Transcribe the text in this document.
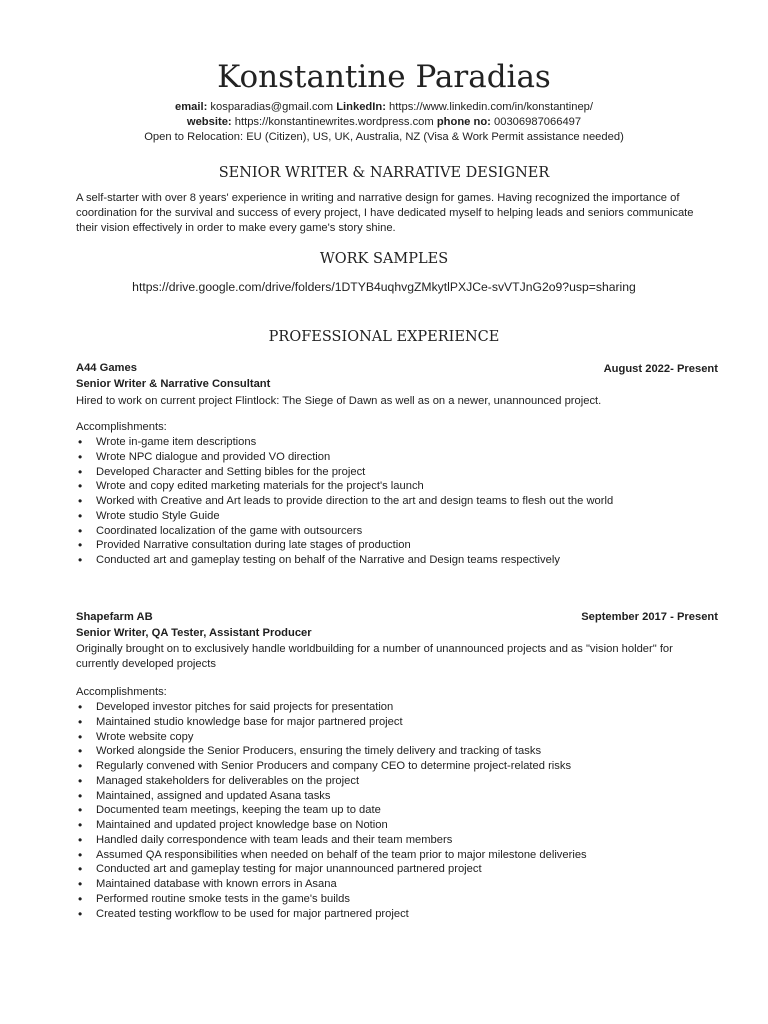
Konstantine Paradias
email: kosparadias@gmail.com LinkedIn: https://www.linkedin.com/in/konstantinep/
website: https://konstantinewrites.wordpress.com phone no: 00306987066497
Open to Relocation: EU (Citizen), US, UK, Australia, NZ (Visa & Work Permit assistance needed)
SENIOR WRITER & NARRATIVE DESIGNER
A self-starter with over 8 years' experience in writing and narrative design for games. Having recognized the importance of coordination for the survival and success of every project, I have dedicated myself to helping leads and seniors communicate their vision effectively in order to make every game's story shine.
WORK SAMPLES
https://drive.google.com/drive/folders/1DTYB4uqhvgZMkytlPXJCe-svVTJnG2o9?usp=sharing
PROFESSIONAL EXPERIENCE
A44 Games	August 2022- Present
Senior Writer & Narrative Consultant
Hired to work on current project Flintlock: The Siege of Dawn as well as on a newer, unannounced project.
Accomplishments:
• Wrote in-game item descriptions
• Wrote NPC dialogue and provided VO direction
• Developed Character and Setting bibles for the project
• Wrote and copy edited marketing materials for the project's launch
• Worked with Creative and Art leads to provide direction to the art and design teams to flesh out the world
• Wrote studio Style Guide
• Coordinated localization of the game with outsourcers
• Provided Narrative consultation during late stages of production
• Conducted art and gameplay testing on behalf of the Narrative and Design teams respectively
Shapefarm AB	September 2017 - Present
Senior Writer, QA Tester, Assistant Producer
Originally brought on to exclusively handle worldbuilding for a number of unannounced projects and as "vision holder" for currently developed projects
Accomplishments:
• Developed investor pitches for said projects for presentation
• Maintained studio knowledge base for major partnered project
• Wrote website copy
• Worked alongside the Senior Producers, ensuring the timely delivery and tracking of tasks
• Regularly convened with Senior Producers and company CEO to determine project-related risks
• Managed stakeholders for deliverables on the project
• Maintained, assigned and updated Asana tasks
• Documented team meetings, keeping the team up to date
• Maintained and updated project knowledge base on Notion
• Handled daily correspondence with team leads and their team members
• Assumed QA responsibilities when needed on behalf of the team prior to major milestone deliveries
• Conducted art and gameplay testing for major unannounced partnered project
• Maintained database with known errors in Asana
• Performed routine smoke tests in the game's builds
• Created testing workflow to be used for major partnered project
